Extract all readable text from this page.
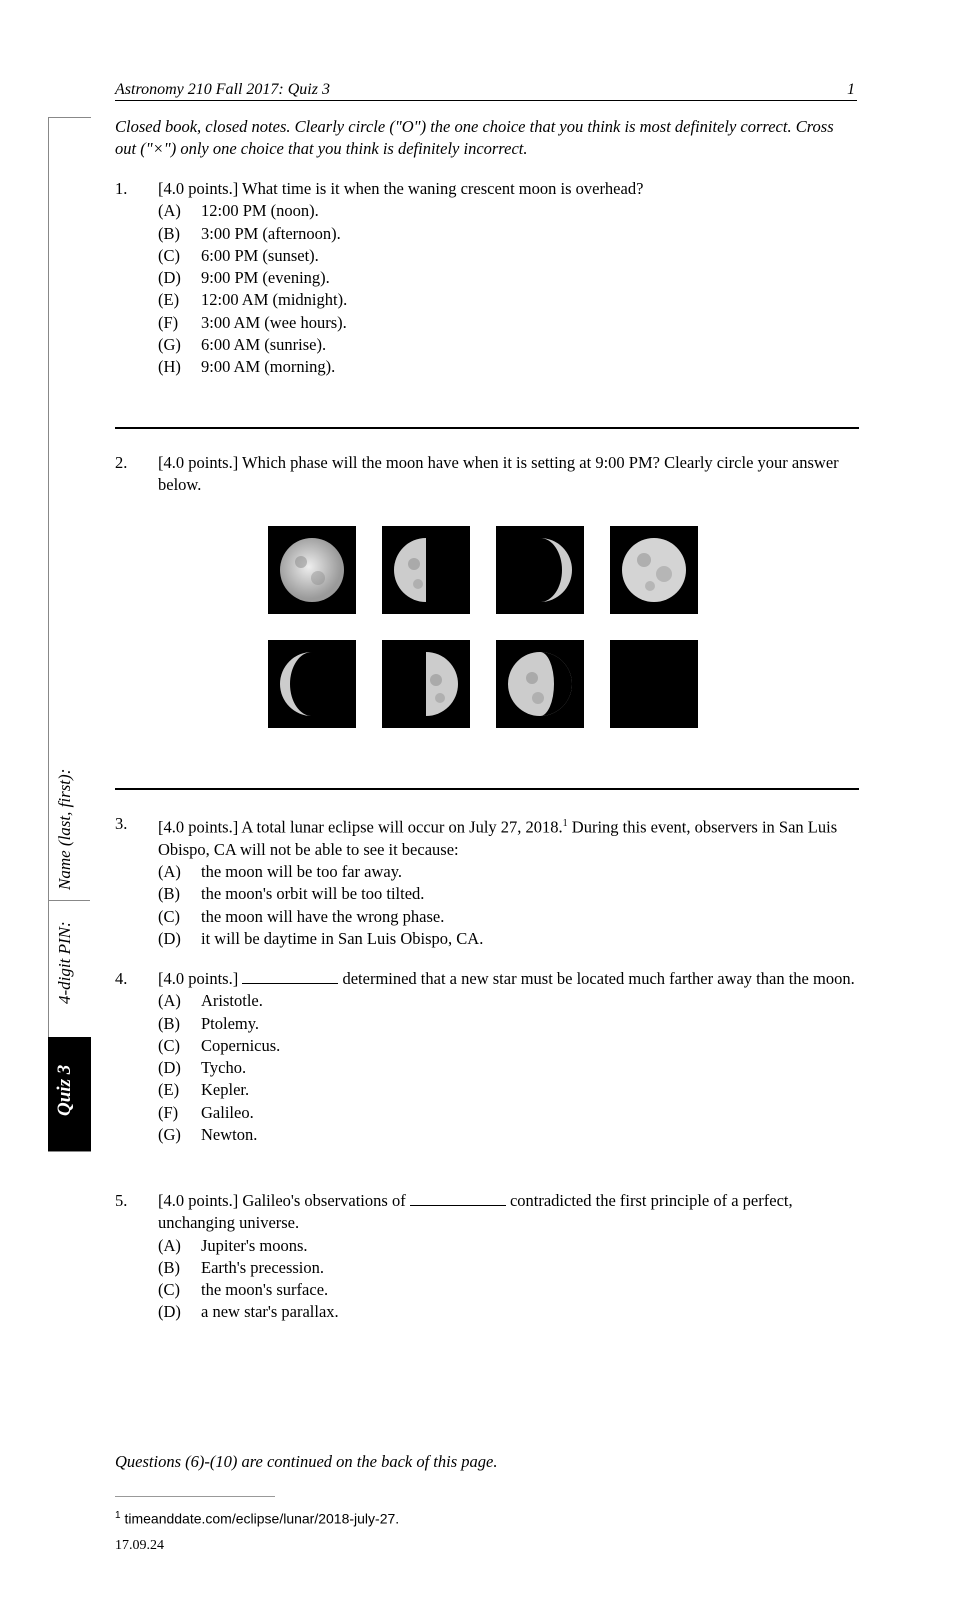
Quiz 3
4-digit PIN:
Name (last, first):
Astronomy 210 Fall 2017: Quiz 3	1
Closed book, closed notes. Clearly circle ("O") the one choice that you think is most definitely correct. Cross out ("×") only one choice that you think is definitely incorrect.
1. [4.0 points.] What time is it when the waning crescent moon is overhead?
(A) 12:00 PM (noon).
(B) 3:00 PM (afternoon).
(C) 6:00 PM (sunset).
(D) 9:00 PM (evening).
(E) 12:00 AM (midnight).
(F) 3:00 AM (wee hours).
(G) 6:00 AM (sunrise).
(H) 9:00 AM (morning).
2. [4.0 points.] Which phase will the moon have when it is setting at 9:00 PM? Clearly circle your answer below.
3. [4.0 points.] A total lunar eclipse will occur on July 27, 2018.$^1$ During this event, observers in San Luis Obispo, CA will not be able to see it because:
(A) the moon will be too far away.
(B) the moon's orbit will be too tilted.
(C) the moon will have the wrong phase.
(D) it will be daytime in San Luis Obispo, CA.
4. [4.0 points.]	determined that a new star must be located much farther away than the moon.
(A) Aristotle.
(B) Ptolemy.
(C) Copernicus.
(D) Tycho.
(E) Kepler.
(F) Galileo.
(G) Newton.
5. [4.0 points.] Galileo's observations of	contradicted the first principle of a perfect, unchanging universe.
(A) Jupiter's moons.
(B) Earth's precession.
(C) the moon's surface.
(D) a new star's parallax.
Questions (6)-(10) are continued on the back of this page.
$^1$ timeanddate.com/eclipse/lunar/2018-july-27.
17.09.24
